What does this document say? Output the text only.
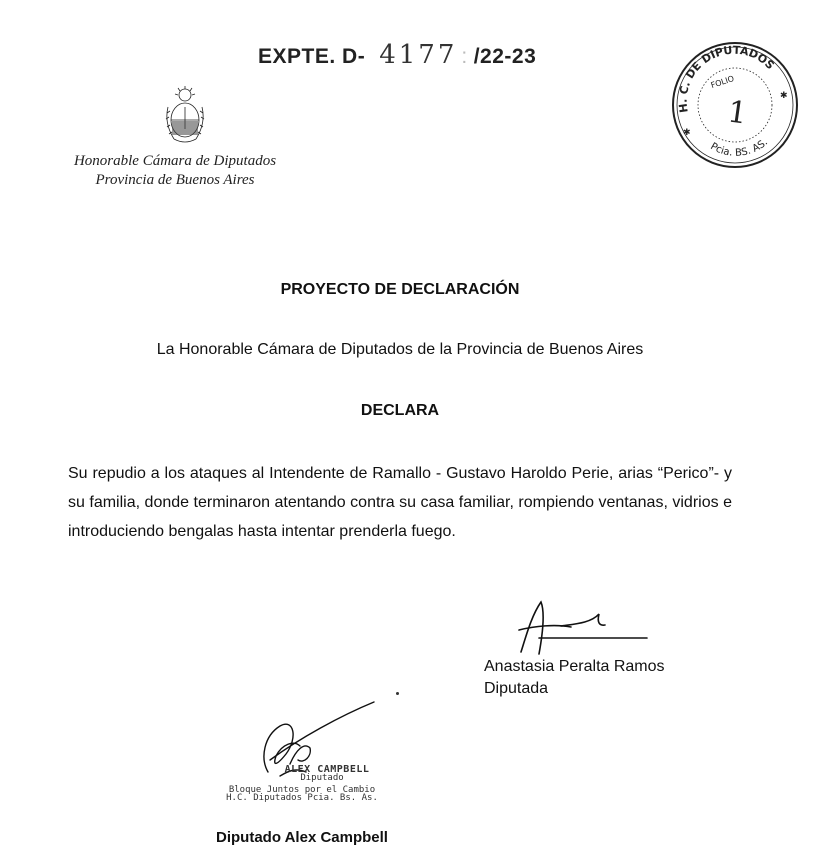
EXPTE. D- 4177 : /22-23
Honorable Cámara de Diputados
Provincia de Buenos Aires
H. C. DE DIPUTADOS
Pcia. BS. AS.
FOLIO
1
✱
✱
PROYECTO DE DECLARACIÓN
La Honorable Cámara de Diputados de la Provincia de Buenos Aires
DECLARA
Su repudio a los ataques al Intendente de Ramallo - Gustavo Haroldo Perie, arias “Perico”- y su familia, donde terminaron atentando contra su casa familiar, rompiendo ventanas, vidrios e introduciendo bengalas hasta intentar prenderla fuego.
Anastasia Peralta Ramos
Diputada
ALEX CAMPBELL
Diputado
Bloque Juntos por el Cambio
H.C. Diputados Pcia. Bs. As.
Diputado Alex Campbell
